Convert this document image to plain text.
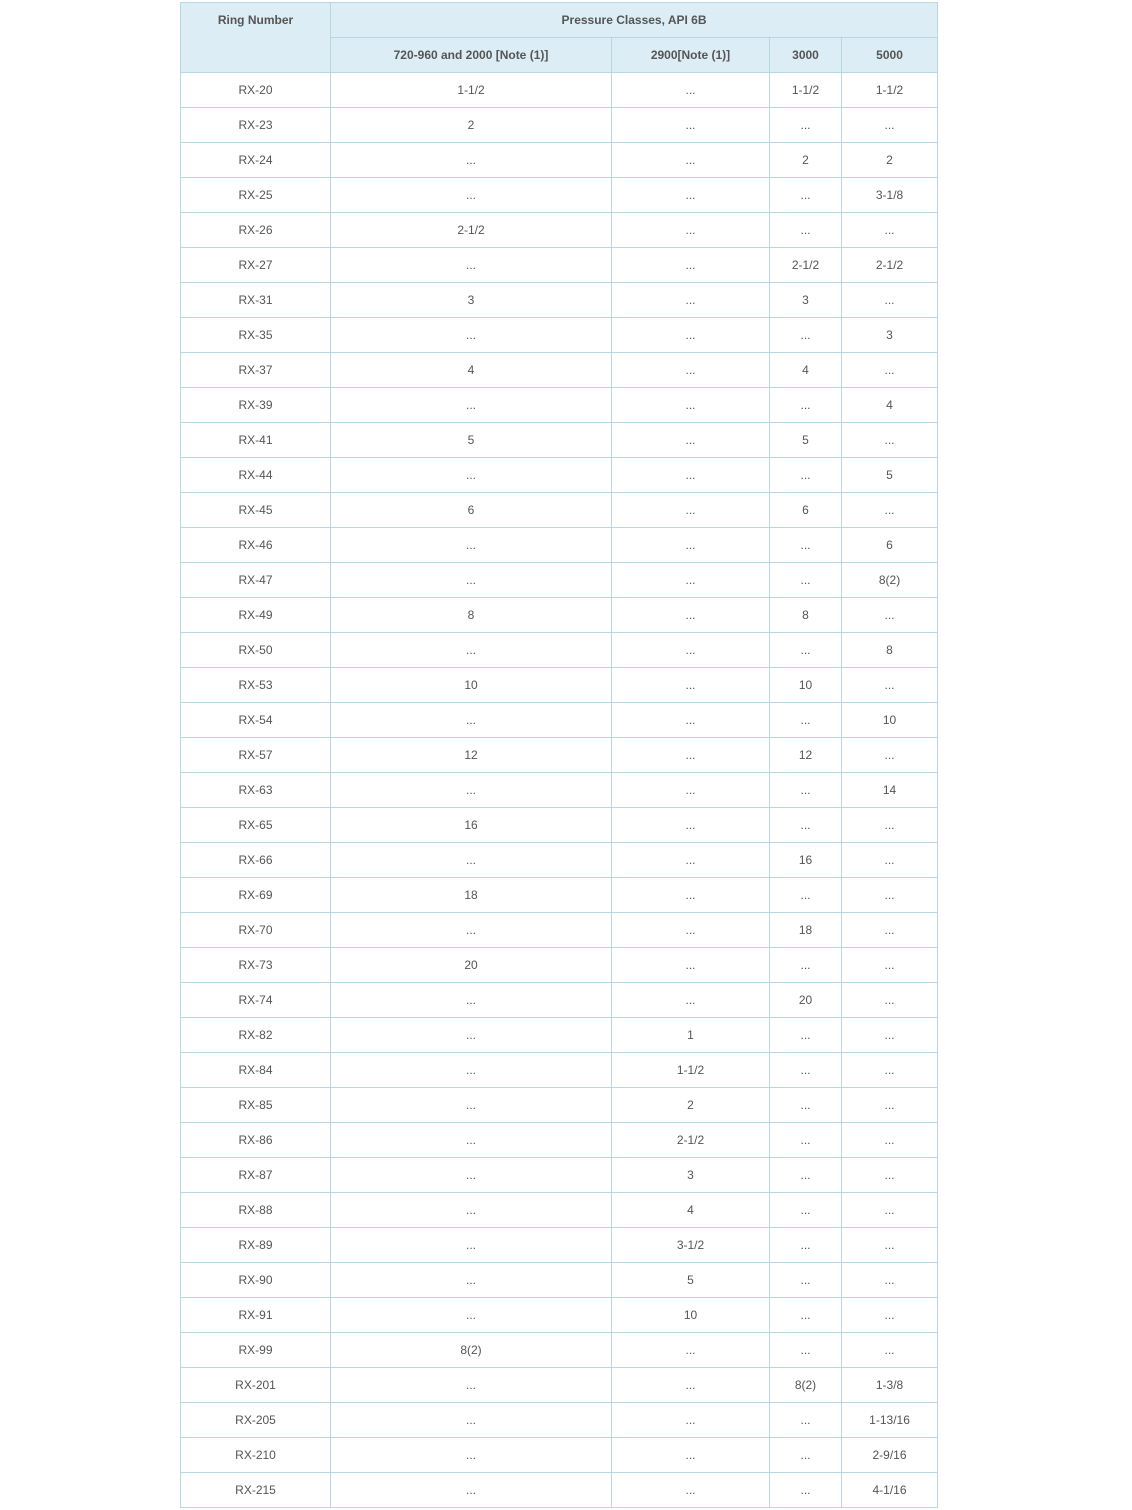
Ring Number	Pressure Classes, API 6B			
	720-960 and 2000 [Note (1)]	2900[Note (1)]	3000	5000
RX-20	1-1/2	...	1-1/2	1-1/2
RX-23	2	...	...	...
RX-24	...	...	2	2
RX-25	...	...	...	3-1/8
RX-26	2-1/2	...	...	...
RX-27	...	...	2-1/2	2-1/2
RX-31	3	...	3	...
RX-35	...	...	...	3
RX-37	4	...	4	...
RX-39	...	...	...	4
RX-41	5	...	5	...
RX-44	...	...	...	5
RX-45	6	...	6	...
RX-46	...	...	...	6
RX-47	...	...	...	8(2)
RX-49	8	...	8	...
RX-50	...	...	...	8
RX-53	10	...	10	...
RX-54	...	...	...	10
RX-57	12	...	12	...
RX-63	...	...	...	14
RX-65	16	...	...	...
RX-66	...	...	16	...
RX-69	18	...	...	...
RX-70	...	...	18	...
RX-73	20	...	...	...
RX-74	...	...	20	...
RX-82	...	1	...	...
RX-84	...	1-1/2	...	...
RX-85	...	2	...	...
RX-86	...	2-1/2	...	...
RX-87	...	3	...	...
RX-88	...	4	...	...
RX-89	...	3-1/2	...	...
RX-90	...	5	...	...
RX-91	...	10	...	...
RX-99	8(2)	...	...	...
RX-201	...	...	8(2)	1-3/8
RX-205	...	...	...	1-13/16
RX-210	...	...	...	2-9/16
RX-215	...	...	...	4-1/16
